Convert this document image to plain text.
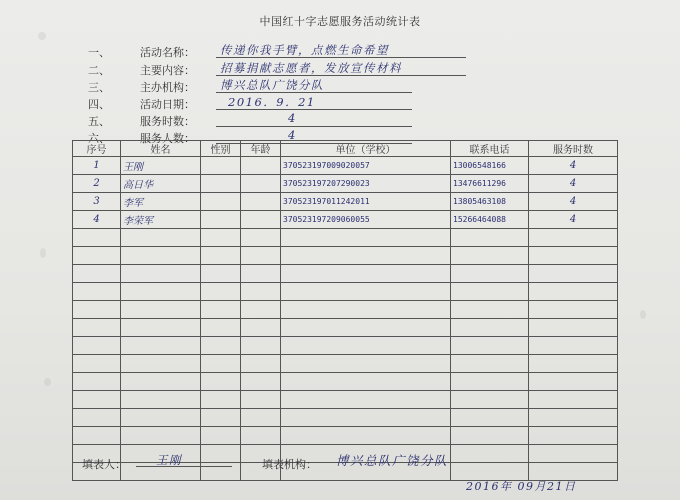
中国红十字志愿服务活动统计表
一、	活动名称： 传递你我手臂，点燃生命希望
二、	主要内容： 招募捐献志愿者，发放宣传材料
三、	主办机构： 博兴总队广饶分队
四、	活动日期：	2016．9．21
五、	服务时数：	4
六、	服务人数：	4
序号	姓名	性别	年龄	单位（学校）	联系电话	服务时数
1	王刚			370523197009020057	13006548166	4
2	高日华			370523197207290023	13476611296	4
3	李军			370523197011242011	13805463108	4
4	李荣军			370523197209060055	15266464088	4

填表人：	王刚	填表机构： 博兴总队广饶分队
2016年 09月21日
